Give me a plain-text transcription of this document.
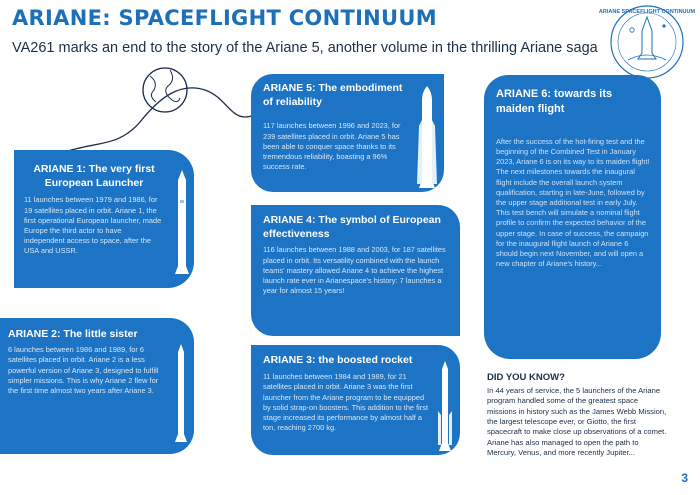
ARIANE: SPACEFLIGHT CONTINUUM
VA261 marks an end to the story of the Ariane 5, another volume in the thrilling Ariane saga
ARIANE SPACEFLIGHT CONTINUUM
ARIANE 1: The very first European Launcher

11 launches between 1979 and 1986, for 19 satellites placed in orbit. Ariane 1, the first operational European launcher, made Europe the third actor to have independent access to space, after the USA and USSR.

ARIANE 2: The little sister

6 launches between 1986 and 1989, for 6 satellites placed in orbit. Ariane 2 is a less powerful version of Ariane 3, designed to fulfill simpler missions. This is why Ariane 2 flew for the first time almost two years after Ariane 3.

ARIANE 5: The embodiment of reliability

117 launches between 1996 and 2023, for 239 satellites placed in orbit. Ariane 5 has been able to conquer space thanks to its tremendous reliability, boasting a 96% success rate.

ARIANE 4: The symbol of European effectiveness

116 launches between 1988 and 2003, for 187 satellites placed in orbit. Its versatility combined with the launch teams' mastery allowed Ariane 4 to achieve the highest launch rate ever in Arianespace's history: 7 launches a year for almost 15 years!

ARIANE 3: the boosted rocket

11 launches between 1984 and 1989, for 21 satellites placed in orbit. Ariane 3 was the first launcher from the Ariane program to be equipped by solid strap-on boosters. This addition to the first stage increased its performance by almost half a ton, reaching 2700 kg.

ARIANE 6: towards its maiden flight

After the success of the hot-firing test and the beginning of the Combined Test in January 2023, Ariane 6 is on its way to its maiden flight! The next milestones towards the inaugural flight include the overall launch system qualification, starting in late-June, followed by the upper stage additional test in early July. This test bench will simulate a nominal flight profile to confirm the expected behavior of the upper stage. In case of success, the campaign for the inaugural flight launch of Ariane 6 should begin next November, and will open a new chapter of Ariane's history...

DID YOU KNOW?
In 44 years of service, the 5 launchers of the Ariane program handled some of the greatest space missions in history such as the James Webb Mission, the largest telescope ever, or Giotto, the first spacecraft to make close up observations of a comet. Ariane has also managed to open the path to Mercury, Venus, and more recently Jupiter...
3
